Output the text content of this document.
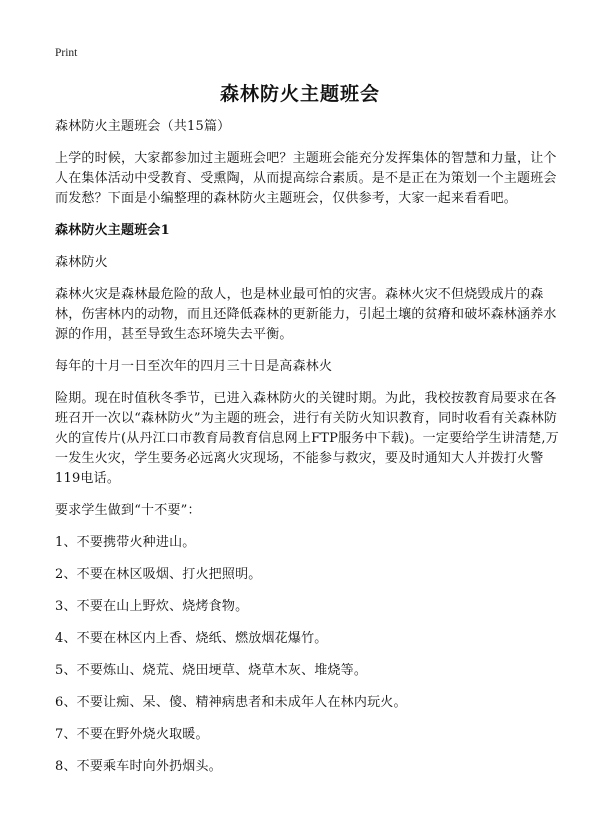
Print
森林防火主题班会

森林防火主题班会（共15篇）

上学的时候，大家都参加过主题班会吧？主题班会能充分发挥集体的智慧和力量，让个人在集体活动中受教育、受熏陶，从而提高综合素质。是不是正在为策划一个主题班会而发愁？下面是小编整理的森林防火主题班会，仅供参考，大家一起来看看吧。

森林防火主题班会1

森林防火

森林火灾是森林最危险的敌人，也是林业最可怕的灾害。森林火灾不但烧毁成片的森林，伤害林内的动物，而且还降低森林的更新能力，引起土壤的贫瘠和破坏森林涵养水源的作用，甚至导致生态环境失去平衡。

每年的十月一日至次年的四月三十日是高森林火

险期。现在时值秋冬季节，已进入森林防火的关键时期。为此，我校按教育局要求在各班召开一次以“森林防火”为主题的班会，进行有关防火知识教育，同时收看有关森林防火的宣传片(从丹江口市教育局教育信息网上FTP服务中下载)。一定要给学生讲清楚,万一发生火灾，学生要务必远离火灾现场，不能参与救灾，要及时通知大人并拨打火警119电话。

要求学生做到“十不要”：

1、不要携带火种进山。

2、不要在林区吸烟、打火把照明。

3、不要在山上野炊、烧烤食物。

4、不要在林区内上香、烧纸、燃放烟花爆竹。

5、不要炼山、烧荒、烧田埂草、烧草木灰、堆烧等。

6、不要让痴、呆、傻、精神病患者和未成年人在林内玩火。

7、不要在野外烧火取暖。

8、不要乘车时向外扔烟头。
